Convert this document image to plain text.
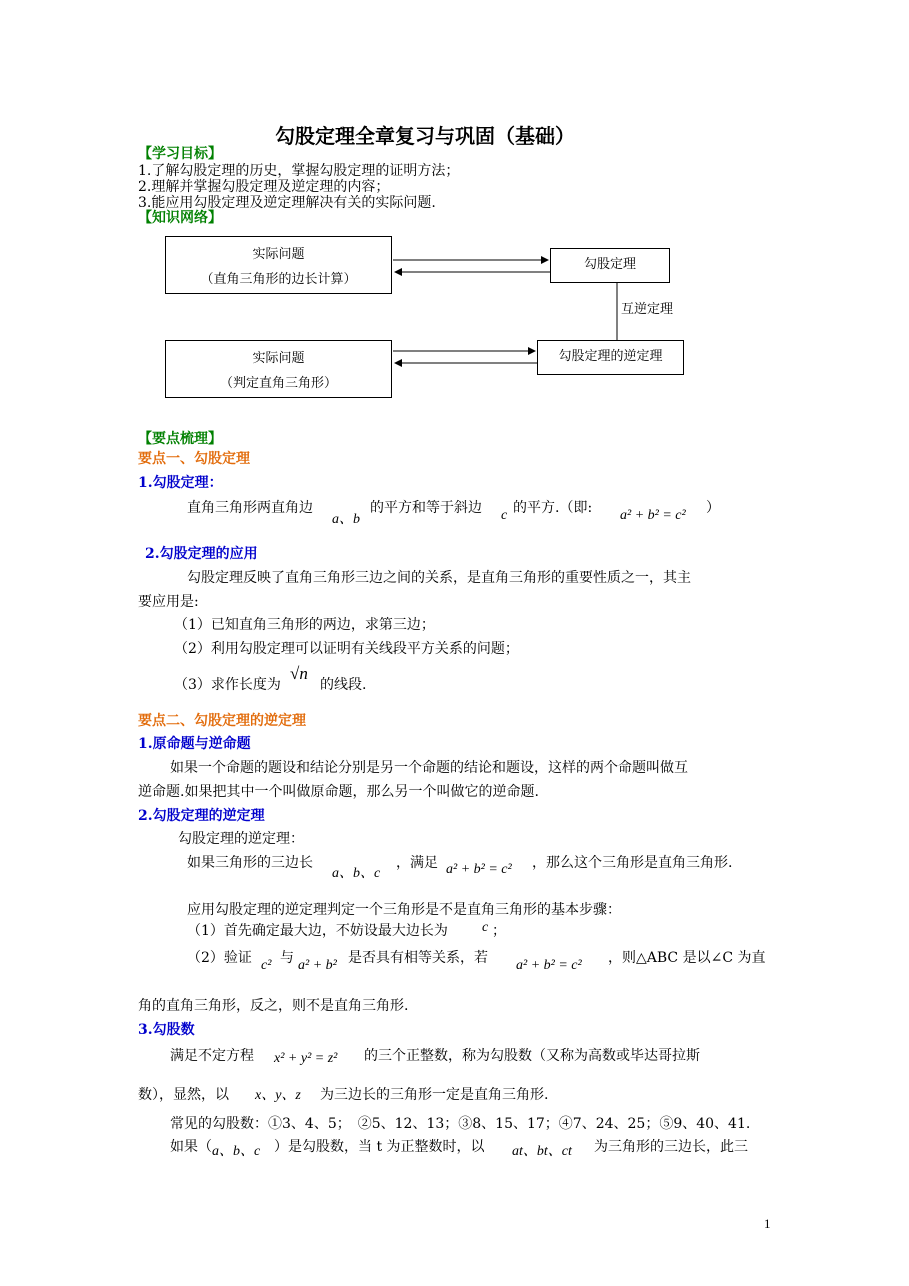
勾股定理全章复习与巩固（基础）
【学习目标】
1.了解勾股定理的历史，掌握勾股定理的证明方法；
2.理解并掌握勾股定理及逆定理的内容；
3.能应用勾股定理及逆定理解决有关的实际问题.
【知识网络】
实际问题
（直角三角形的边长计算）
勾股定理
互逆定理
实际问题
（判定直角三角形）
勾股定理的逆定理
【要点梳理】
要点一、勾股定理
1.勾股定理：
直角三角形两直角边
a、b
的平方和等于斜边 c 的平方.（即: a² + b² = c² ）
2.勾股定理的应用
勾股定理反映了直角三角形三边之间的关系，是直角三角形的重要性质之一，其主
要应用是:
（1）已知直角三角形的两边，求第三边；
（2）利用勾股定理可以证明有关线段平方关系的问题；
（3）求作长度为
√n
的线段.
要点二、勾股定理的逆定理
1.原命题与逆命题
如果一个命题的题设和结论分别是另一个命题的结论和题设，这样的两个命题叫做互
逆命题.如果把其中一个叫做原命题，那么另一个叫做它的逆命题.
2.勾股定理的逆定理
勾股定理的逆定理：
如果三角形的三边长
a、b、c
，满足 a² + b² = c² ，那么这个三角形是直角三角形.
应用勾股定理的逆定理判定一个三角形是不是直角三角形的基本步骤：
（1）首先确定最大边，不妨设最大边长为 c ；
（2）验证 c² 与 a² + b² 是否具有相等关系，若 a² + b² = c² ，则△ABC 是以∠C 为直
角的直角三角形，反之，则不是直角三角形.
3.勾股数
满足不定方程 x² + y² = z² 的三个正整数，称为勾股数（又称为高数或毕达哥拉斯
数），显然，以 x、y、z 为三边长的三角形一定是直角三角形.
常见的勾股数：①3、4、5；　②5、12、13；③8、15、17；④7、24、25；⑤9、40、41.
如果（ a、b、c ）是勾股数，当 t 为正整数时，以 at、bt、ct 为三角形的三边长，此三
1
